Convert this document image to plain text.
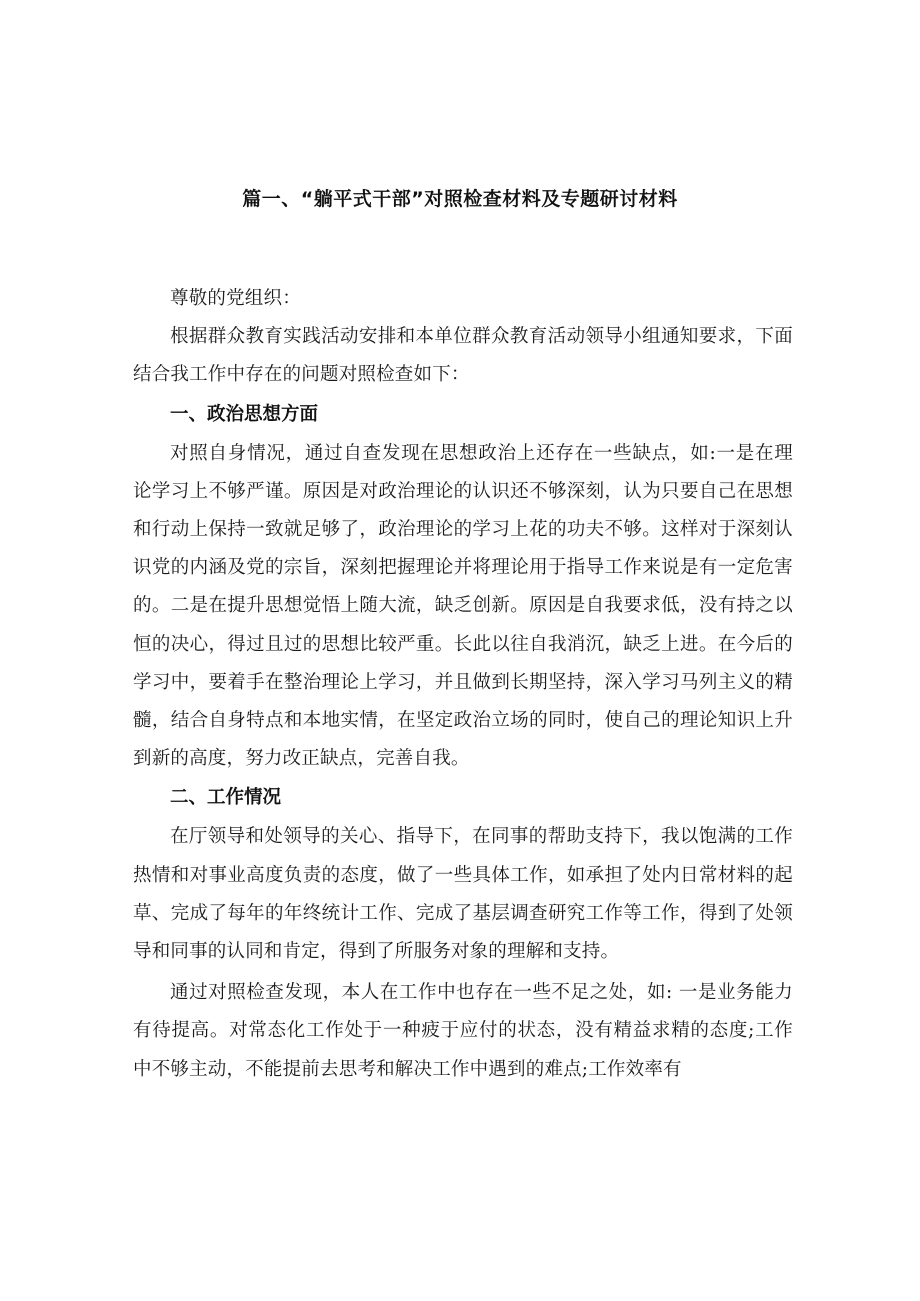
篇一、“躺平式干部”对照检查材料及专题研讨材料

尊敬的党组织：

根据群众教育实践活动安排和本单位群众教育活动领导小组通知要求，下面结合我工作中存在的问题对照检查如下：

一、政治思想方面

对照自身情况，通过自查发现在思想政治上还存在一些缺点，如:一是在理论学习上不够严谨。原因是对政治理论的认识还不够深刻，认为只要自己在思想和行动上保持一致就足够了，政治理论的学习上花的功夫不够。这样对于深刻认识党的内涵及党的宗旨，深刻把握理论并将理论用于指导工作来说是有一定危害的。二是在提升思想觉悟上随大流，缺乏创新。原因是自我要求低，没有持之以恒的决心，得过且过的思想比较严重。长此以往自我消沉，缺乏上进。在今后的学习中，要着手在整治理论上学习，并且做到长期坚持，深入学习马列主义的精髓，结合自身特点和本地实情，在坚定政治立场的同时，使自己的理论知识上升到新的高度，努力改正缺点，完善自我。

二、工作情况

在厅领导和处领导的关心、指导下，在同事的帮助支持下，我以饱满的工作热情和对事业高度负责的态度，做了一些具体工作，如承担了处内日常材料的起草、完成了每年的年终统计工作、完成了基层调查研究工作等工作，得到了处领导和同事的认同和肯定，得到了所服务对象的理解和支持。

通过对照检查发现，本人在工作中也存在一些不足之处，如: 一是业务能力有待提高。对常态化工作处于一种疲于应付的状态，没有精益求精的态度;工作中不够主动，不能提前去思考和解决工作中遇到的难点;工作效率有
